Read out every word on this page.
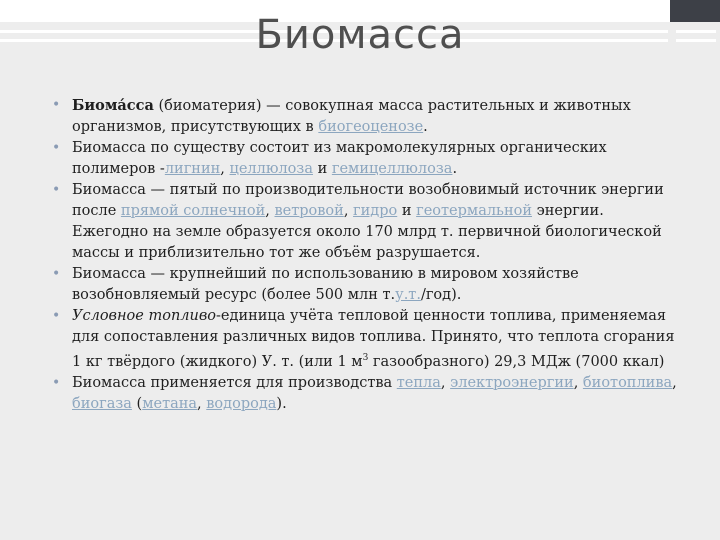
Биомасса
• Биома́сса (биоматерия) — совокупная масса растительных и животных организмов, присутствующих в биогеоценозе.
• Биомасса по существу состоит из макромолекулярных органических полимеров -лигнин, целлюлоза и гемицеллюлоза.
• Биомасса — пятый по производительности возобновимый источник энергии после прямой солнечной, ветровой, гидро и геотермальной энергии. Ежегодно на земле образуется около 170 млрд т. первичной биологической массы и приблизительно тот же объём разрушается.
• Биомасса — крупнейший по использованию в мировом хозяйстве возобновляемый ресурс (более 500 млн т.у.т./год).
• Условное топливо-единица учёта тепловой ценности топлива, применяемая для сопоставления различных видов топлива. Принято, что теплота сгорания 1 кг твёрдого (жидкого) У. т. (или 1 $м^3$ газообразного) 29,3 МДж (7000 ккал)
• Биомасса применяется для производства тепла, электроэнергии, биотоплива, биогаза (метана, водорода).
